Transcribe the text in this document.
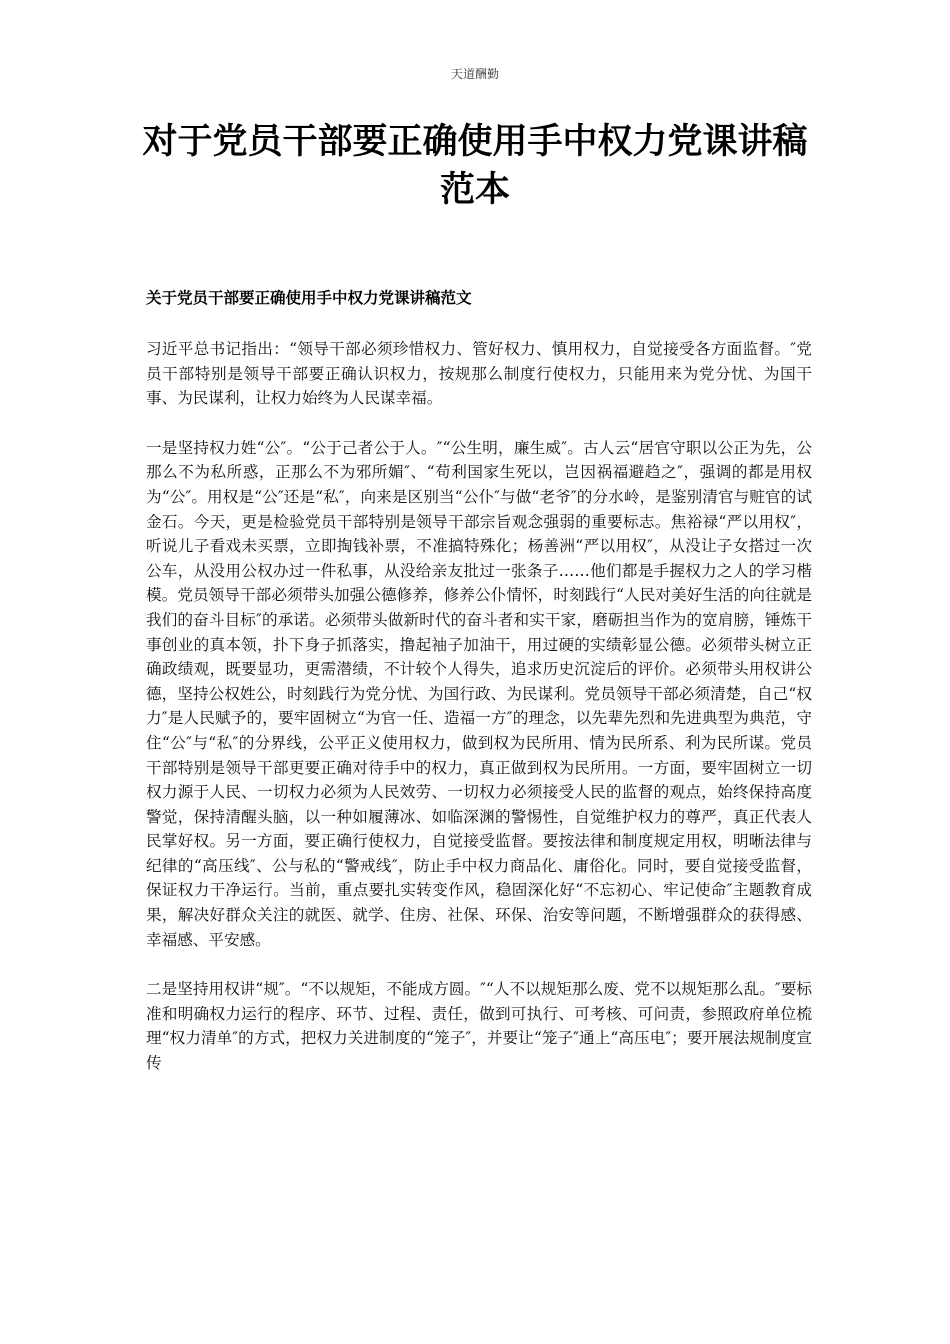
天道酬勤
对于党员干部要正确使用手中权力党课讲稿范本
关于党员干部要正确使用手中权力党课讲稿范文

习近平总书记指出：“领导干部必须珍惜权力、管好权力、慎用权力，自觉接受各方面监督。″党员干部特别是领导干部要正确认识权力，按规那么制度行使权力，只能用来为党分忧、为国干事、为民谋利，让权力始终为人民谋幸福。

一是坚持权力姓“公″。“公于己者公于人。″“公生明，廉生威″。古人云“居官守职以公正为先，公那么不为私所惑，正那么不为邪所媚″、“苟利国家生死以，岂因祸福避趋之″，强调的都是用权为“公″。用权是“公″还是“私″，向来是区别当“公仆″与做“老爷″的分水岭，是鉴别清官与赃官的试金石。今天，更是检验党员干部特别是领导干部宗旨观念强弱的重要标志。焦裕禄“严以用权″，听说儿子看戏未买票，立即掏钱补票，不准搞特殊化；杨善洲“严以用权″，从没让子女搭过一次公车，从没用公权办过一件私事，从没给亲友批过一张条子……他们都是手握权力之人的学习楷模。党员领导干部必须带头加强公德修养，修养公仆情怀，时刻践行“人民对美好生活的向往就是我们的奋斗目标″的承诺。必须带头做新时代的奋斗者和实干家，磨砺担当作为的宽肩膀，锤炼干事创业的真本领，扑下身子抓落实，撸起袖子加油干，用过硬的实绩彰显公德。必须带头树立正确政绩观，既要显功，更需潜绩，不计较个人得失，追求历史沉淀后的评价。必须带头用权讲公德，坚持公权姓公，时刻践行为党分忧、为国行政、为民谋利。党员领导干部必须清楚，自己“权力″是人民赋予的，要牢固树立“为官一任、造福一方″的理念，以先辈先烈和先进典型为典范，守住“公″与“私″的分界线，公平正义使用权力，做到权为民所用、情为民所系、利为民所谋。党员干部特别是领导干部更要正确对待手中的权力，真正做到权为民所用。一方面，要牢固树立一切权力源于人民、一切权力必须为人民效劳、一切权力必须接受人民的监督的观点，始终保持高度警觉，保持清醒头脑，以一种如履薄冰、如临深渊的警惕性，自觉维护权力的尊严，真正代表人民掌好权。另一方面，要正确行使权力，自觉接受监督。要按法律和制度规定用权，明晰法律与纪律的“高压线″、公与私的“警戒线″，防止手中权力商品化、庸俗化。同时，要自觉接受监督，保证权力干净运行。当前，重点要扎实转变作风，稳固深化好“不忘初心、牢记使命″主题教育成果，解决好群众关注的就医、就学、住房、社保、环保、治安等问题，不断增强群众的获得感、幸福感、平安感。

二是坚持用权讲“规″。“不以规矩，不能成方圆。″“人不以规矩那么废、党不以规矩那么乱。″要标准和明确权力运行的程序、环节、过程、责任，做到可执行、可考核、可问责，参照政府单位梳理“权力清单″的方式，把权力关进制度的“笼子″，并要让“笼子″通上“高压电″；要开展法规制度宣传
